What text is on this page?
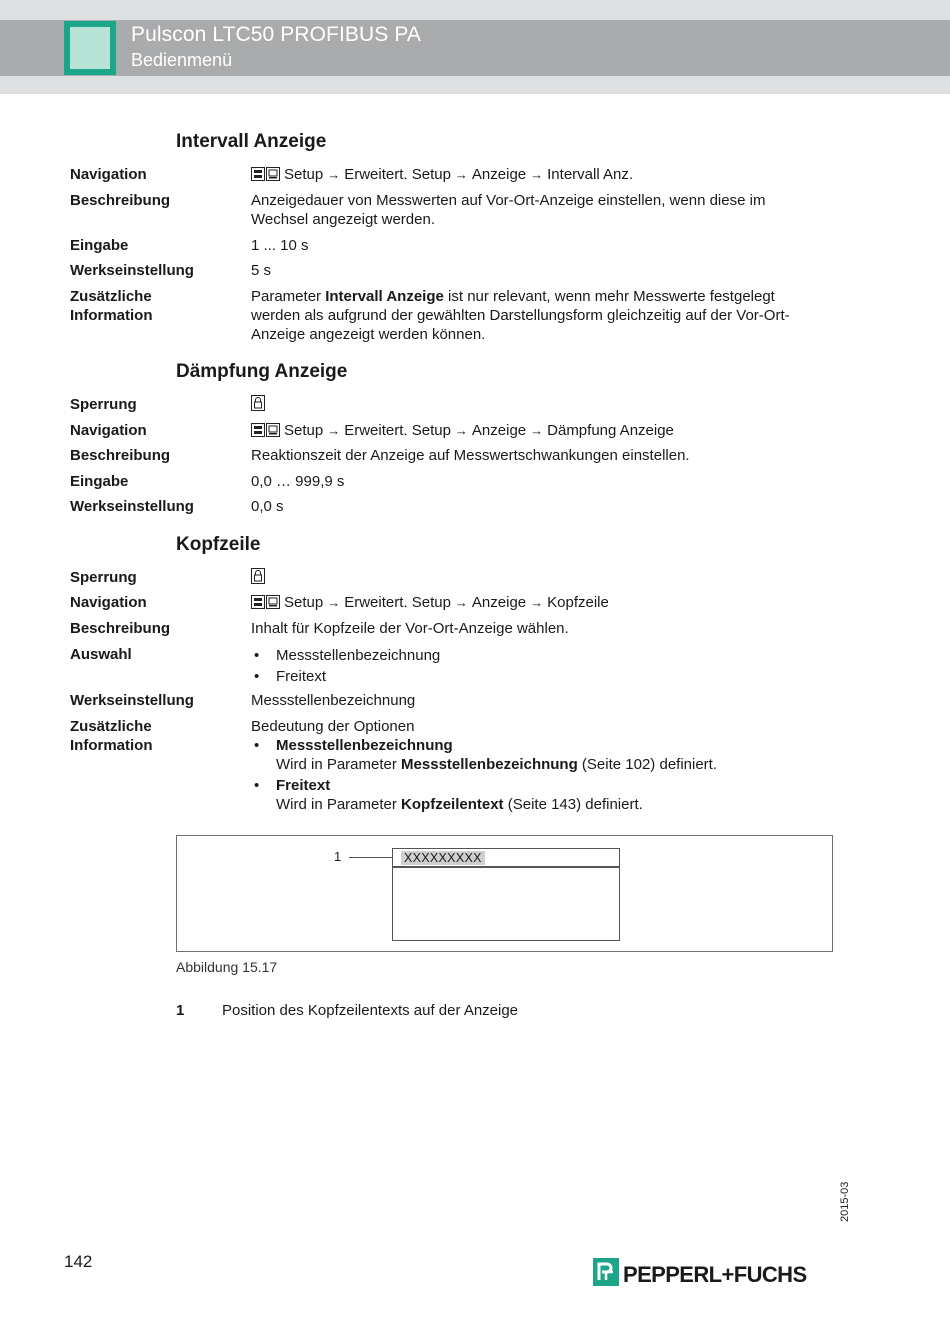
Pulscon LTC50 PROFIBUS PA
Bedienmenü
Intervall Anzeige
Navigation	Setup → Erweitert. Setup → Anzeige → Intervall Anz.
Beschreibung	Anzeigedauer von Messwerten auf Vor-Ort-Anzeige einstellen, wenn diese im
Wechsel angezeigt werden.
Eingabe	1 ... 10 s
Werkseinstellung	5 s
Zusätzliche
Information
Parameter Intervall Anzeige ist nur relevant, wenn mehr Messwerte festgelegt
werden als aufgrund der gewählten Darstellungsform gleichzeitig auf der Vor-Ort-
Anzeige angezeigt werden können.
Dämpfung Anzeige
Sperrung
Navigation	Setup → Erweitert. Setup → Anzeige → Dämpfung Anzeige
Beschreibung	Reaktionszeit der Anzeige auf Messwertschwankungen einstellen.
Eingabe	0,0 … 999,9 s
Werkseinstellung	0,0 s
Kopfzeile
Sperrung
Navigation	Setup → Erweitert. Setup → Anzeige → Kopfzeile
Beschreibung	Inhalt für Kopfzeile der Vor-Ort-Anzeige wählen.
Auswahl
•	Messstellenbezeichnung
• Freitext
Werkseinstellung	Messstellenbezeichnung
Zusätzliche
Information
Bedeutung der Optionen
• Messstellenbezeichnung
Wird in Parameter Messstellenbezeichnung (Seite 102) definiert.
• Freitext
Wird in Parameter Kopfzeilentext (Seite 143) definiert.
1	XXXXXXXXX
Abbildung 15.17
1	Position des Kopfzeilentexts auf der Anzeige
2015-03
142
PEPPERL+FUCHS
